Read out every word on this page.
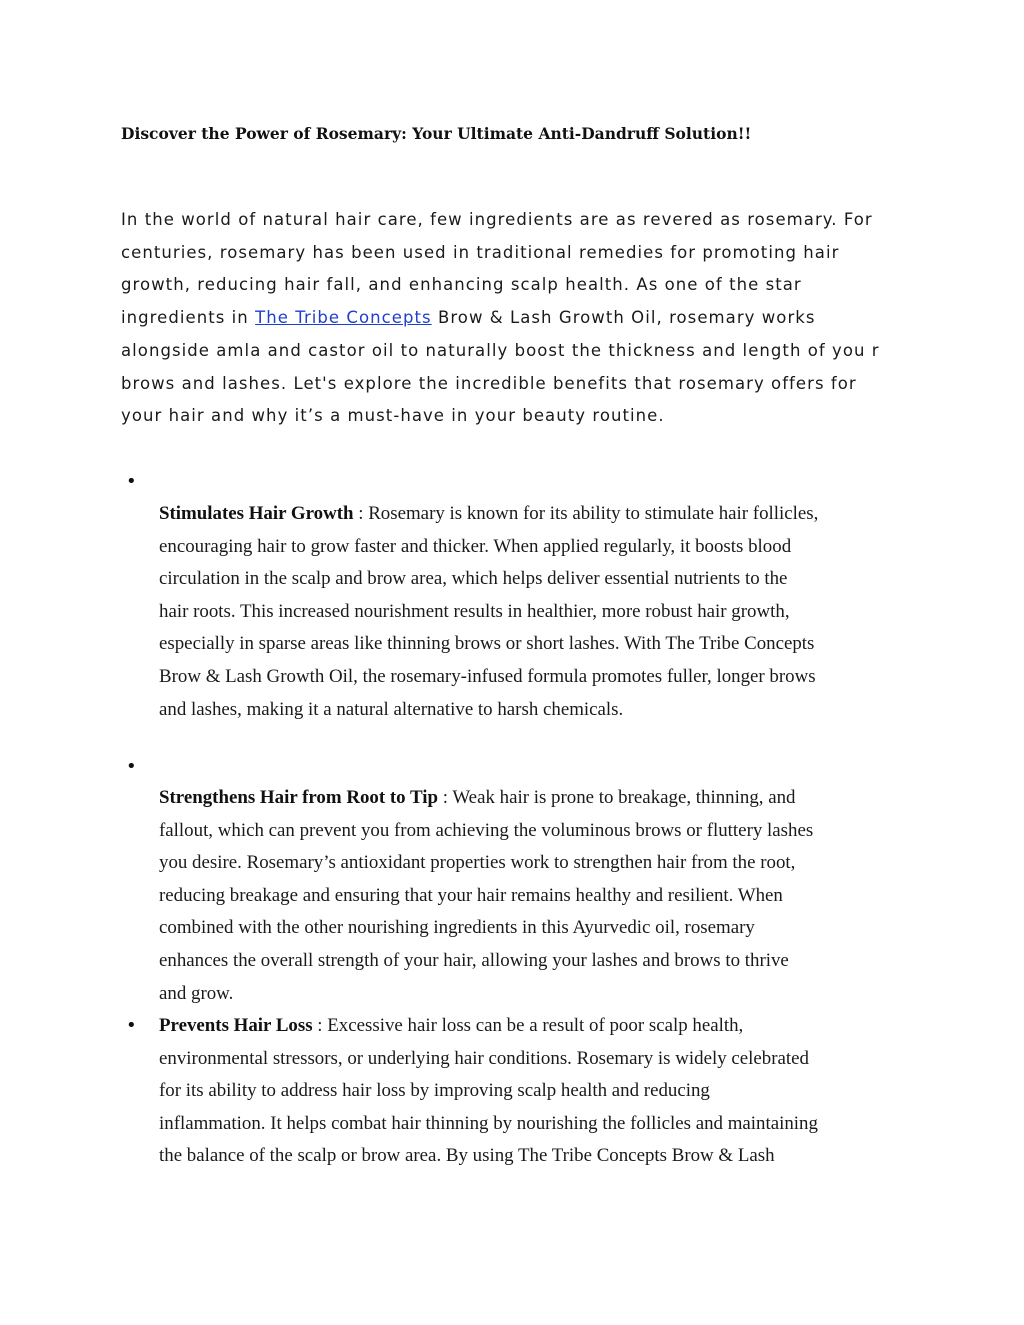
Discover the Power of Rosemary: Your Ultimate Anti-Dandruff Solution!!

In the world of natural hair care, few ingredients are as revered as rosemary. For
centuries, rosemary has been used in traditional remedies for promoting hair
growth, reducing hair fall, and enhancing scalp health. As one of the star
ingredients in The Tribe Concepts Brow & Lash Growth Oil, rosemary works
alongside amla and castor oil to naturally boost the thickness and length of you r
brows and lashes. Let's explore the incredible benefits that rosemary offers for
your hair and why it’s a must-have in your beauty routine.

•
Stimulates Hair Growth : Rosemary is known for its ability to stimulate hair follicles,
encouraging hair to grow faster and thicker. When applied regularly, it boosts blood
circulation in the scalp and brow area, which helps deliver essential nutrients to the
hair roots. This increased nourishment results in healthier, more robust hair growth,
especially in sparse areas like thinning brows or short lashes. With The Tribe Concepts
Brow & Lash Growth Oil, the rosemary-infused formula promotes fuller, longer brows
and lashes, making it a natural alternative to harsh chemicals.
•
Strengthens Hair from Root to Tip : Weak hair is prone to breakage, thinning, and
fallout, which can prevent you from achieving the voluminous brows or fluttery lashes
you desire. Rosemary’s antioxidant properties work to strengthen hair from the root,
reducing breakage and ensuring that your hair remains healthy and resilient. When
combined with the other nourishing ingredients in this Ayurvedic oil, rosemary
enhances the overall strength of your hair, allowing your lashes and brows to thrive
and grow.
• Prevents Hair Loss : Excessive hair loss can be a result of poor scalp health,
environmental stressors, or underlying hair conditions. Rosemary is widely celebrated
for its ability to address hair loss by improving scalp health and reducing
inflammation. It helps combat hair thinning by nourishing the follicles and maintaining
the balance of the scalp or brow area. By using The Tribe Concepts Brow & Lash
